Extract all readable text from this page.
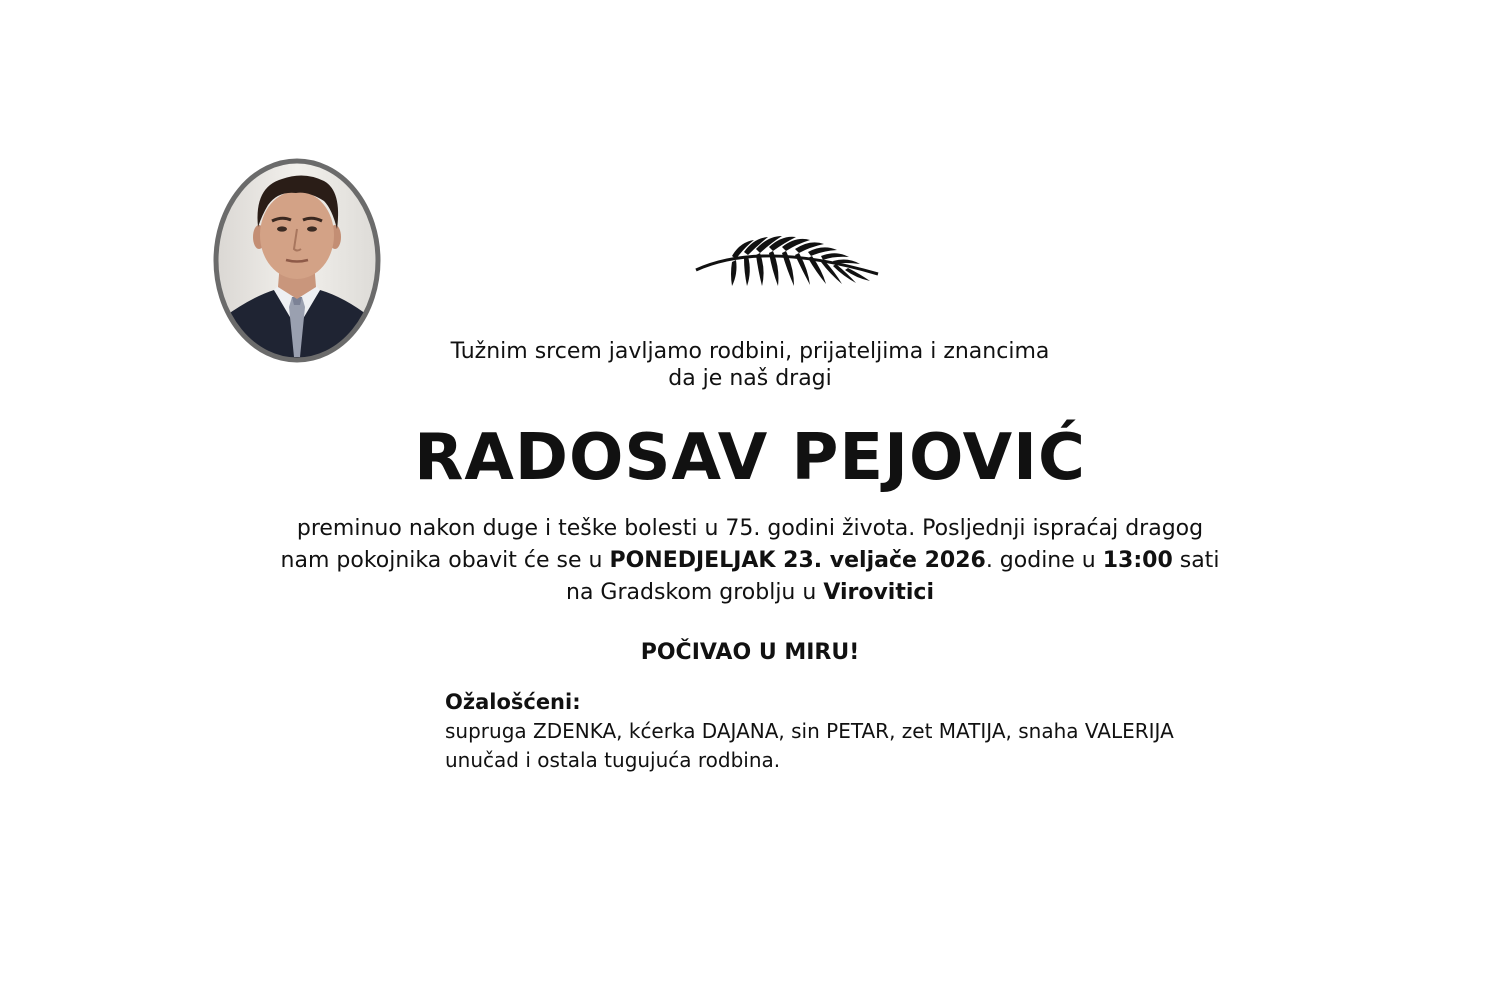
Tužnim srcem javljamo rodbini, prijateljima i znancima
da je naš dragi
RADOSAV PEJOVIĆ
preminuo nakon duge i teške bolesti u 75. godini života. Posljednji ispraćaj dragog
nam pokojnika obavit će se u PONEDJELJAK 23. veljače 2026. godine u 13:00 sati
na Gradskom groblju u Virovitici
POČIVAO U MIRU!
Ožalošćeni:
supruga ZDENKA, kćerka DAJANA, sin PETAR, zet MATIJA, snaha VALERIJA
unučad i ostala tugujuća rodbina.
